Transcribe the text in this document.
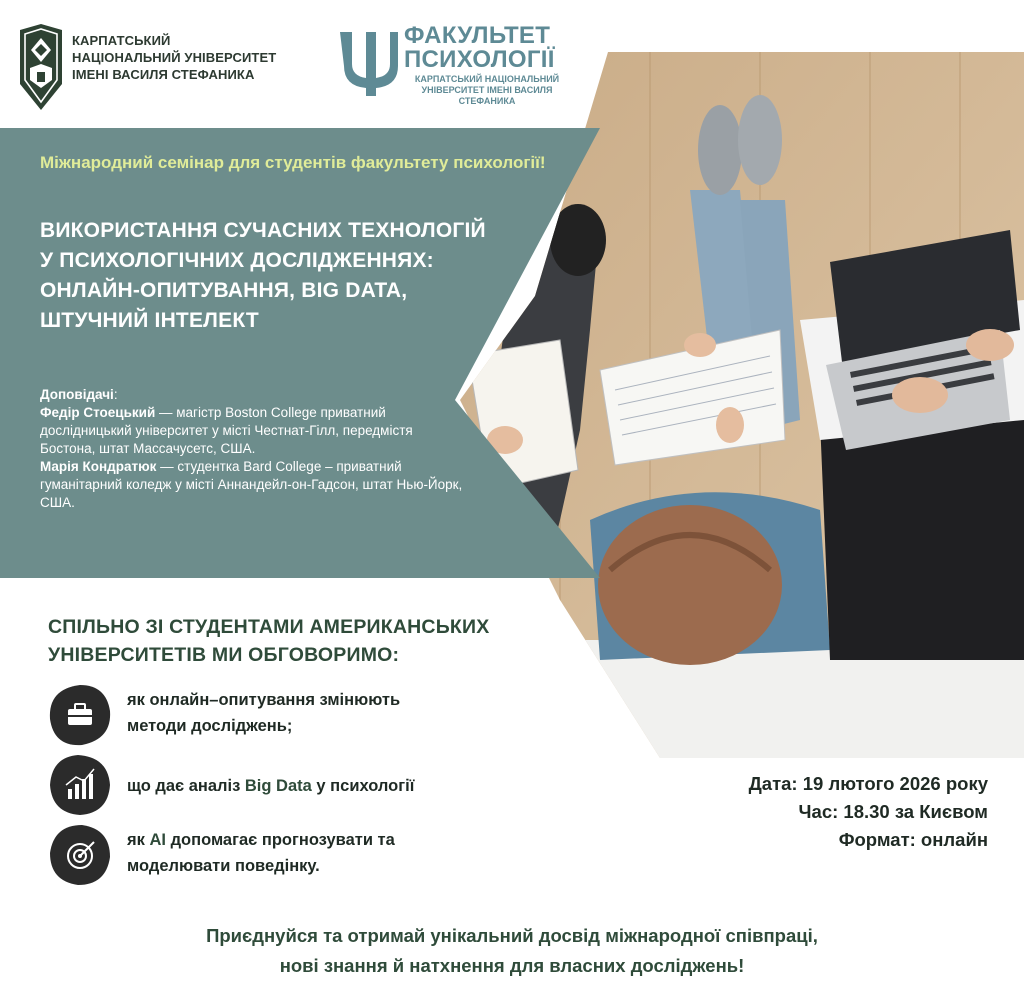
КАРПАТСЬКИЙ
НАЦІОНАЛЬНИЙ УНІВЕРСИТЕТ
ІМЕНІ ВАСИЛЯ СТЕФАНИКА
ФАКУЛЬТЕТ
ПСИХОЛОГІЇ
КАРПАТСЬКИЙ НАЦІОНАЛЬНИЙ
УНІВЕРСИТЕТ ІМЕНІ ВАСИЛЯ СТЕФАНИКА
Міжнародний семінар для студентів факультету психології!
ВИКОРИСТАННЯ СУЧАСНИХ ТЕХНОЛОГІЙ У ПСИХОЛОГІЧНИХ ДОСЛІДЖЕННЯХ: ОНЛАЙН-ОПИТУВАННЯ, BIG DATA, ШТУЧНИЙ ІНТЕЛЕКТ

Доповідачі:

Федір Стоецький — магістр Boston College приватний дослідницький університет у місті Честнат-Гілл, передмістя Бостона, штат Массачусетс, США.

Марія Кондратюк — студентка Bard College – приватний гуманітарний коледж у місті Аннандейл-он-Гадсон, штат Нью-Йорк, США.

СПІЛЬНО ЗІ СТУДЕНТАМИ АМЕРИКАНСЬКИХ
УНІВЕРСИТЕТІВ МИ ОБГОВОРИМО:
як онлайн–опитування змінюють
методи досліджень;
що дає аналіз Big Data у психології
як AI допомагає прогнозувати та
моделювати поведінку.
Дата: 19 лютого 2026 року
Час: 18.30 за Києвом
Формат: онлайн
Приєднуйся та отримай унікальний досвід міжнародної співпраці,
нові знання й натхнення для власних досліджень!
